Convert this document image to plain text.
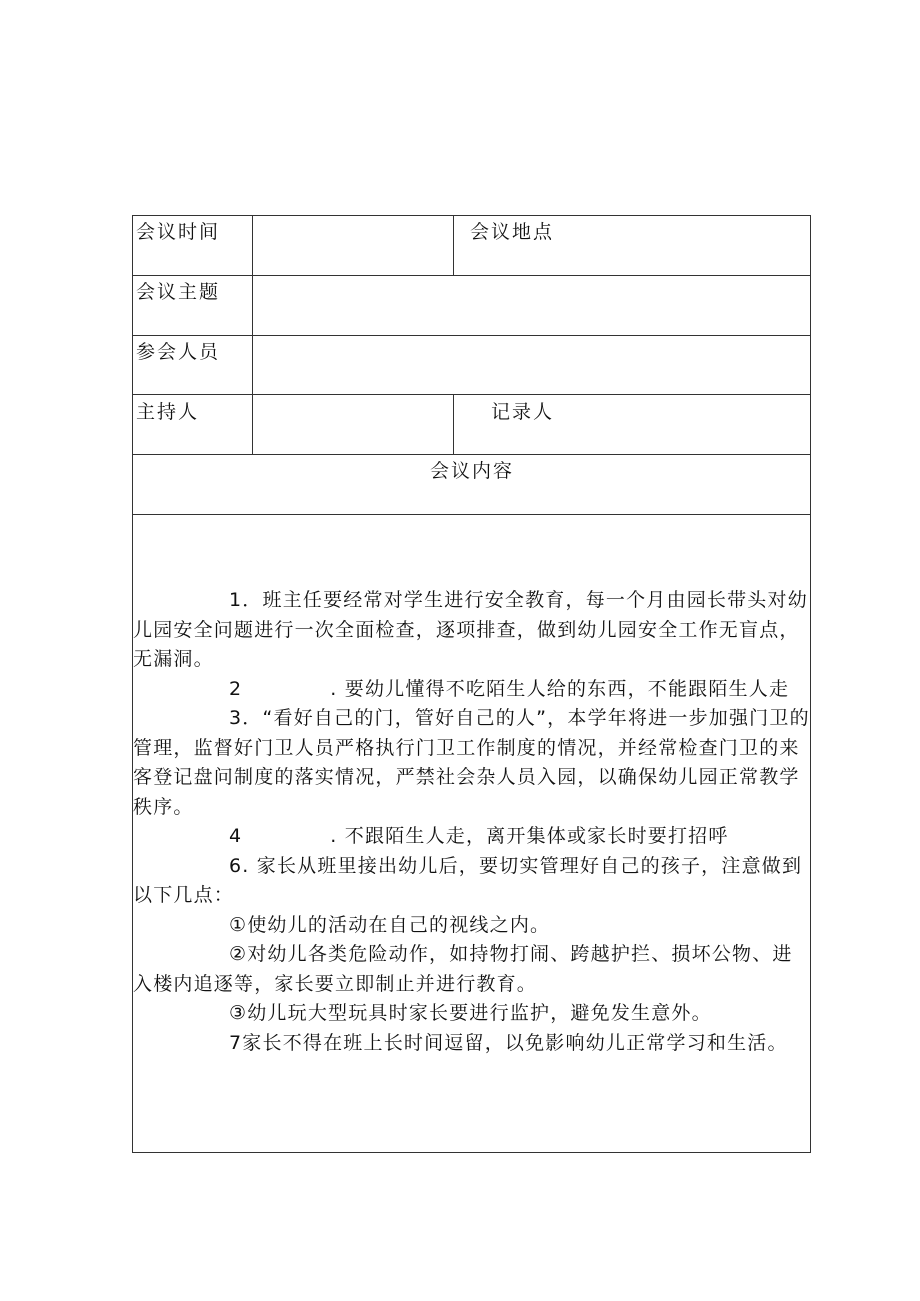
会议时间	会议地点
会议主题
参会人员
主持人	记录人
会议内容

1．班主任要经常对学生进行安全教育，每一个月由园长带头对幼儿园安全问题进行一次全面检查，逐项排查，做到幼儿园安全工作无盲点，无漏洞。

2	. 要幼儿懂得不吃陌生人给的东西，不能跟陌生人走

3．“看好自己的门，管好自己的人”，本学年将进一步加强门卫的管理，监督好门卫人员严格执行门卫工作制度的情况，并经常检查门卫的来客登记盘问制度的落实情况，严禁社会杂人员入园，以确保幼儿园正常教学秩序。

4	. 不跟陌生人走，离开集体或家长时要打招呼

6. 家长从班里接出幼儿后，要切实管理好自己的孩子，注意做到以下几点：

①使幼儿的活动在自己的视线之内。

②对幼儿各类危险动作，如持物打闹、跨越护拦、损坏公物、进入楼内追逐等，家长要立即制止并进行教育。

③幼儿玩大型玩具时家长要进行监护，避免发生意外。

7家长不得在班上长时间逗留，以免影响幼儿正常学习和生活。
